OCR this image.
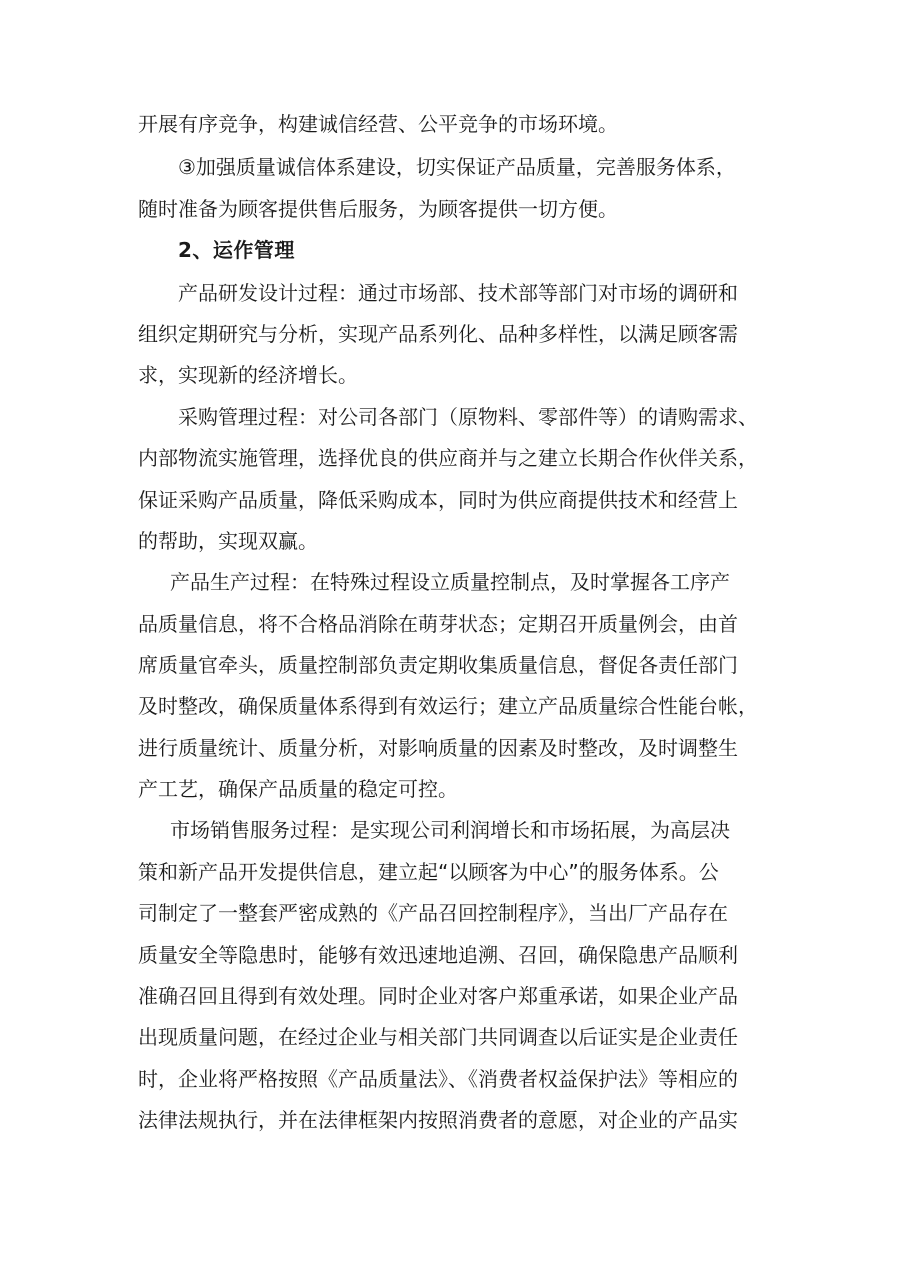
开展有序竞争，构建诚信经营、公平竞争的市场环境。
③加强质量诚信体系建设，切实保证产品质量，完善服务体系，
随时准备为顾客提供售后服务，为顾客提供一切方便。
2、运作管理
产品研发设计过程：通过市场部、技术部等部门对市场的调研和
组织定期研究与分析，实现产品系列化、品种多样性，以满足顾客需
求，实现新的经济增长。
采购管理过程：对公司各部门（原物料、零部件等）的请购需求、
内部物流实施管理，选择优良的供应商并与之建立长期合作伙伴关系，
保证采购产品质量，降低采购成本，同时为供应商提供技术和经营上
的帮助，实现双赢。
产品生产过程：在特殊过程设立质量控制点，及时掌握各工序产
品质量信息，将不合格品消除在萌芽状态；定期召开质量例会，由首
席质量官牵头，质量控制部负责定期收集质量信息，督促各责任部门
及时整改，确保质量体系得到有效运行；建立产品质量综合性能台帐，
进行质量统计、质量分析，对影响质量的因素及时整改，及时调整生
产工艺，确保产品质量的稳定可控。
市场销售服务过程：是实现公司利润增长和市场拓展，为高层决
策和新产品开发提供信息，建立起“以顾客为中心”的服务体系。公
司制定了一整套严密成熟的《产品召回控制程序》，当出厂产品存在
质量安全等隐患时，能够有效迅速地追溯、召回，确保隐患产品顺利
准确召回且得到有效处理。同时企业对客户郑重承诺，如果企业产品
出现质量问题，在经过企业与相关部门共同调查以后证实是企业责任
时，企业将严格按照《产品质量法》、《消费者权益保护法》等相应的
法律法规执行，并在法律框架内按照消费者的意愿，对企业的产品实
